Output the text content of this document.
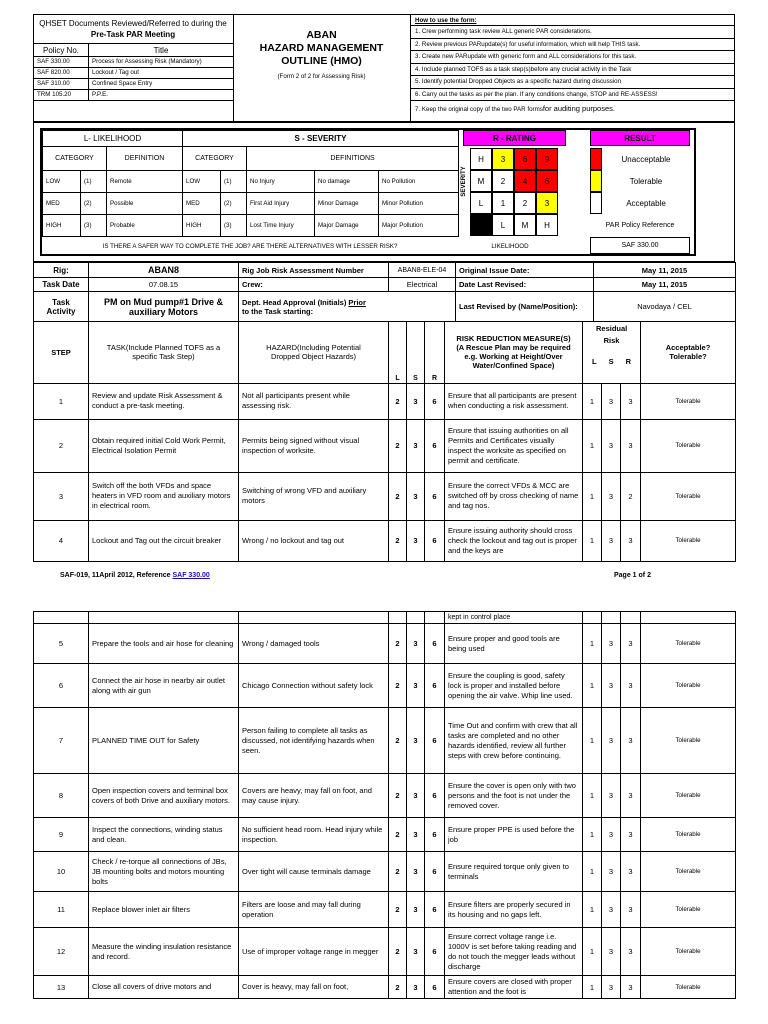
QHSET Documents Reviewed/Referred to during the
Pre-Task PAR Meeting
Policy No.	Title
SAF 330.00	Process for Assessing Risk (Mandatory)
SAF 820.00	Lockout / Tag out
SAF 310.00	Confined Space Entry
TRM 105.20	P.P.E.
ABAN
HAZARD MANAGEMENT OUTLINE (HMO)
(Form 2 of 2 for Assessing Risk)
How to use the form:
1. Crew performing task review ALL generic PAR considerations.
2. Review previous PARupdate(s) for useful information, which will help THIS task.
3. Create new PARupdate with generic form and ALL considerations for this task.
4. Include planned TOFS as a task step(s)before any crucial activity in the Task
5. Identify potential Dropped Objects as a specific hazard during discussion
6. Carry out the tasks as per the plan. If any conditions change, STOP and RE-ASSESS!
7. Keep the original copy of the two PAR formsfor auditing purposes.
L- LIKELIHOOD			S - SEVERITY				
CATEGORY		DEFINITION	CATEGORY		DEFINITIONS		
LOW	(1)	Remote	LOW	(1)	No Injury	No damage	No Pollution
MED	(2)	Possible	MED	(2)	First Aid Injury	Minor Damage	Minor Pollution
HIGH	(3)	Probable	HIGH	(3)	Lost Time Injury	Major Damage	Major Pollution
IS THERE A SAFER WAY TO COMPLETE THE JOB? ARE THERE ALTERNATIVES WITH LESSER RISK?
R - RATING
SEVERITY
H	3	6	9
M	2	4	6
L	1	2	3
L	M	H
LIKELIHOOD
RESULT
Unacceptable
Tolerable
Acceptable
PAR Policy Reference
SAF 330.00
Rig:	ABAN8	Rig Job Risk Assessment Number	ABAN8-ELE-04	Original Issue Date:	May 11, 2015
Task Date	07.08.15	Crew:	Electrical	Date Last Revised:	May 11, 2015
Task Activity	PM on Mud pump#1 Drive & auxiliary Motors	Dept. Head Approval (Initials) Prior
to the Task starting:		Last Revised by (Name/Position):	Navodaya / CEL
STEP	TASK(Include Planned TOFS as a specific Task Step)	HAZARD(Including Potential Dropped Object Hazards)	L	S	R	RISK REDUCTION MEASURE(S) (A Rescue Plan may be required e.g. Working at Height/Over Water/Confined Space)	Residual Risk
L S R			Acceptable? Tolerable?

1	Review and update Risk Assessment & conduct a pre-task meeting.	Not all participants present while assessing risk.	2	3	6	Ensure that all participants are present when conducting a risk assessment.	1	3	3	Tolerable
2	Obtain required initial Cold Work Permit, Electrical Isolation Permit	Permits being signed without visual inspection of worksite.	2	3	6	Ensure that issuing authorities on all Permits and Certificates visually inspect the worksite as specified on permit and certificate.	1	3	3	Tolerable
3	Switch off the both VFDs and space heaters in VFD room and auxiliary motors in electrical room.	Switching of wrong VFD and auxiliary motors	2	3	6	Ensure the correct VFDs & MCC are switched off by cross checking of name and tag nos.	1	3	2	Tolerable
4	Lockout and Tag out the circuit breaker	Wrong / no lockout and tag out	2	3	6	Ensure issuing authority should cross check the lockout and tag out is proper and the keys are	1	3	3	Tolerable
SAF-019, 11April 2012, Reference
SAF 330.00	Page 1 of 2
						kept in control place				
5	Prepare the tools and air hose for cleaning	Wrong / damaged tools	2	3	6	Ensure proper and good tools are being used	1	3	3	Tolerable
6	Connect the air hose in nearby air outlet along with air gun	Chicago Connection without safety lock	2	3	6	Ensure the coupling is good, safety lock is proper and installed before opening the air valve. Whip line used.	1	3	3	Tolerable
7	PLANNED TIME OUT for Safety	Person failing to complete all tasks as discussed, not identifying hazards when seen.	2	3	6	Time Out and confirm with crew that all tasks are completed and no other hazards identified, review all further steps with crew before continuing.	1	3	3	Tolerable
8	Open inspection covers and terminal box covers of both Drive and auxiliary motors.	Covers are heavy, may fall on foot, and may cause injury.	2	3	6	Ensure the cover is open only with two persons and the foot is not under the removed cover.	1	3	3	Tolerable
9	Inspect the connections, winding status and clean.	No sufficient head room. Head injury while inspection.	2	3	6	Ensure proper PPE is used before the job	1	3	3	Tolerable
10	Check / re-torque all connections of JBs, JB mounting bolts and motors mounting bolts	Over tight will cause terminals damage	2	3	6	Ensure required torque only given to terminals	1	3	3	Tolerable
11	Replace blower inlet air filters	Filters are loose and may fall during operation	2	3	6	Ensure filters are properly secured in its housing and no gaps left.	1	3	3	Tolerable
12	Measure the winding insulation resistance and record.	Use of improper voltage range in megger	2	3	6	Ensure correct voltage range i.e. 1000V is set before taking reading and do not touch the megger leads without discharge	1	3	3	Tolerable
13	Close all covers of drive motors and	Cover is heavy, may fall on foot,	2	3	6	Ensure covers are closed with proper attention and the foot is	1	3	3	Tolerable
